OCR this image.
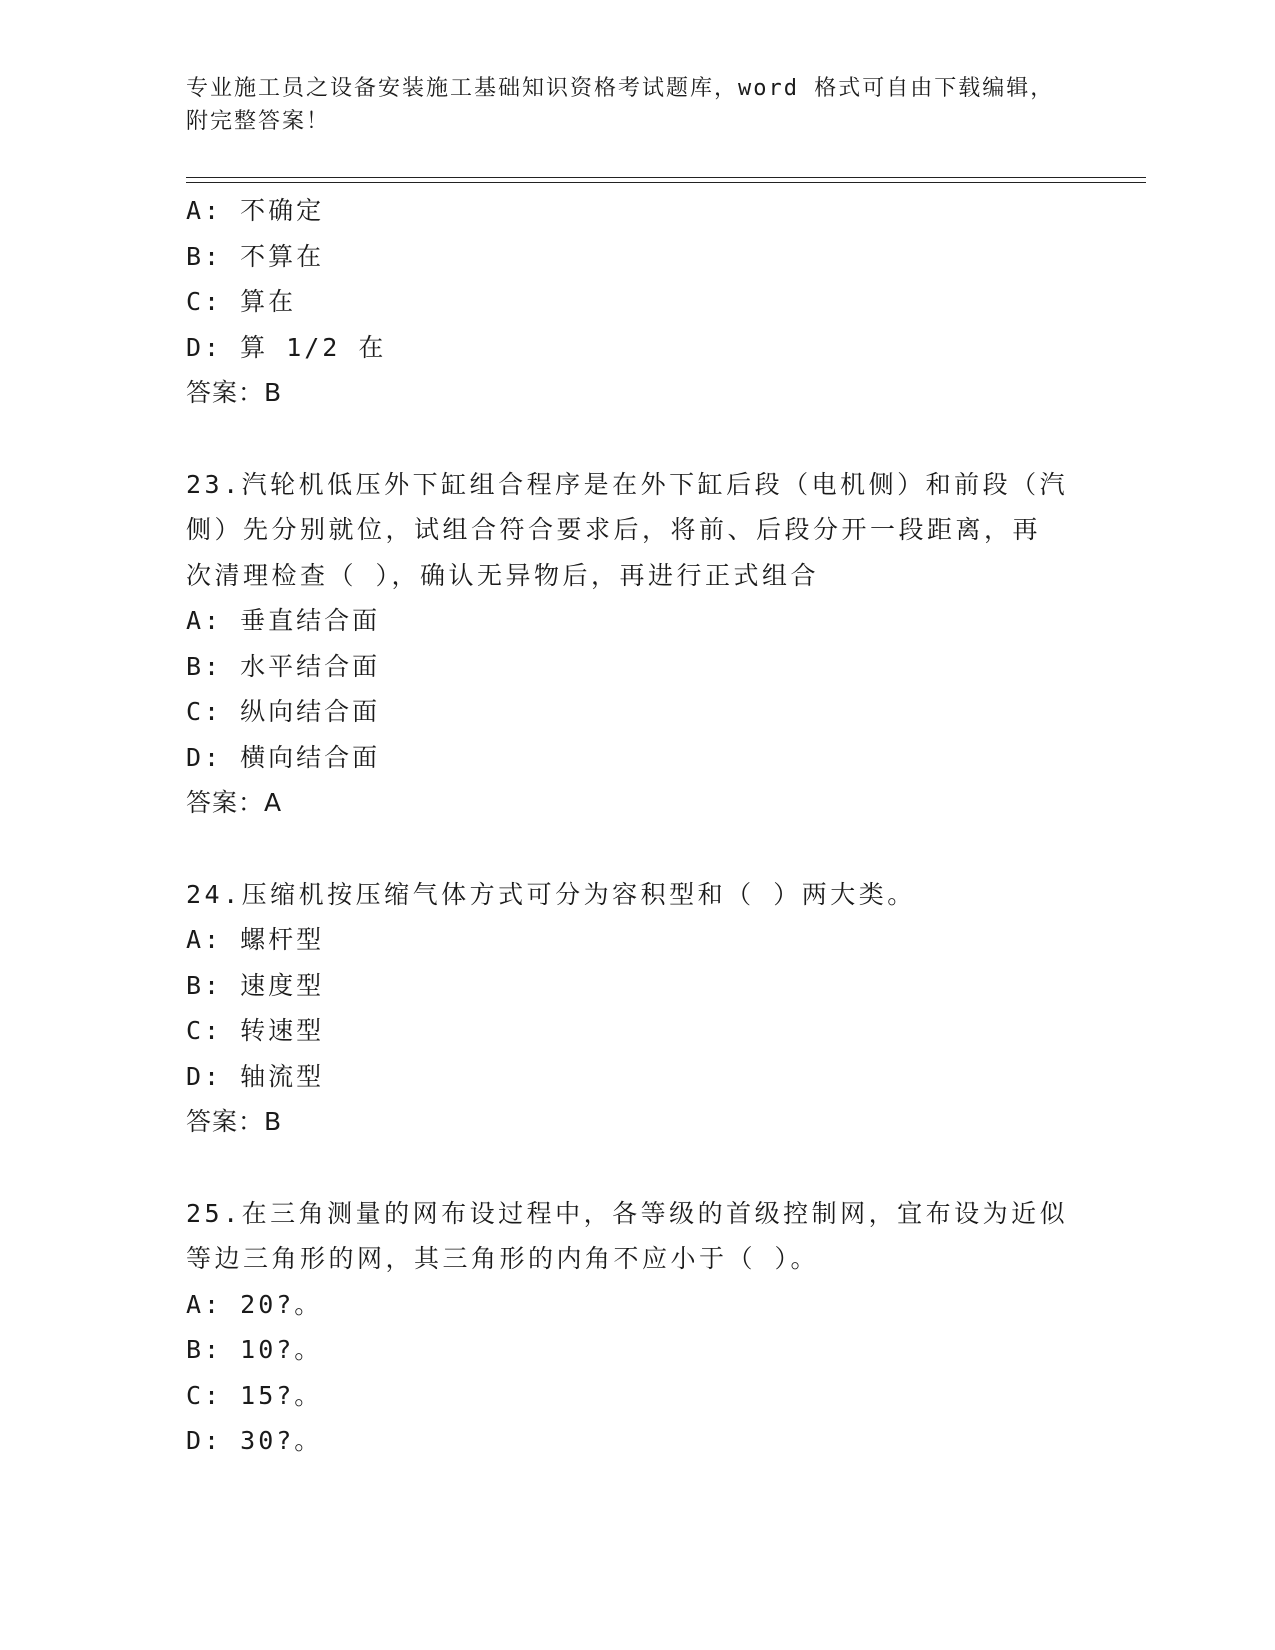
专业施工员之设备安装施工基础知识资格考试题库，word 格式可自由下载编辑，
附完整答案！
A: 不确定
B: 不算在
C: 算在
D: 算 1/2 在
答案：B
23.汽轮机低压外下缸组合程序是在外下缸后段（电机侧）和前段（汽
侧）先分别就位，试组合符合要求后，将前、后段分开一段距离，再
次清理检查（ ），确认无异物后，再进行正式组合
A: 垂直结合面
B: 水平结合面
C: 纵向结合面
D: 横向结合面
答案：A
24.压缩机按压缩气体方式可分为容积型和（ ）两大类。
A: 螺杆型
B: 速度型
C: 转速型
D: 轴流型
答案：B
25.在三角测量的网布设过程中，各等级的首级控制网，宜布设为近似
等边三角形的网，其三角形的内角不应小于（ ）。
A: 20?。
B: 10?。
C: 15?。
D: 30?。
